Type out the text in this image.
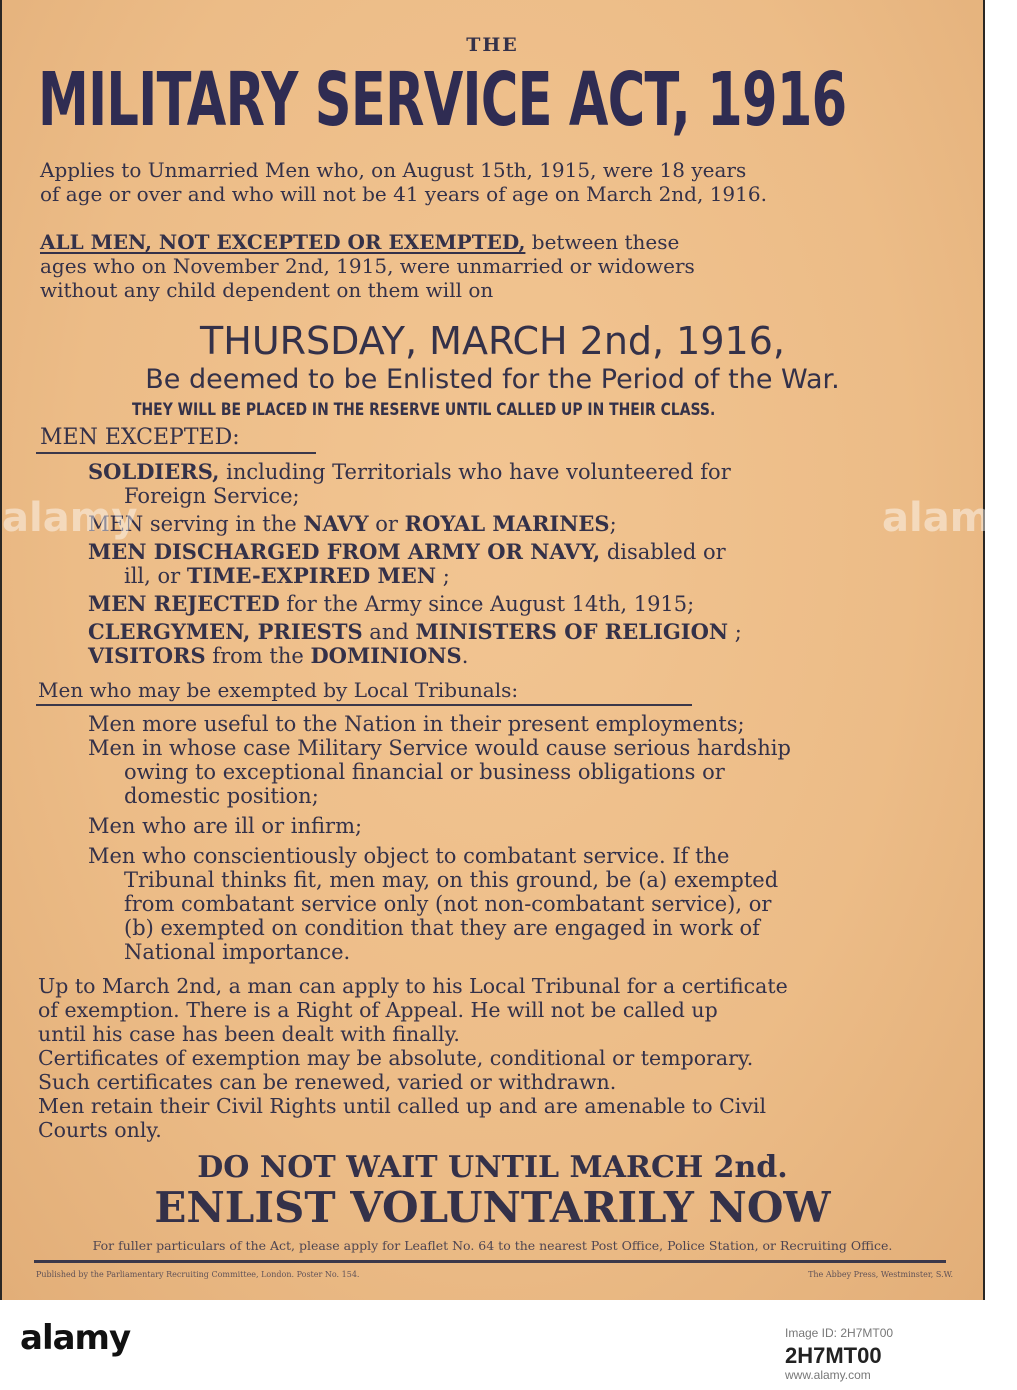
THE
MILITARY SERVICE ACT, 1916
Applies to Unmarried Men who, on August 15th, 1915, were 18 years
of age or over and who will not be 41 years of age on March 2nd, 1916.
ALL MEN, NOT EXCEPTED OR EXEMPTED, between these
ages who on November 2nd, 1915, were unmarried or widowers
without any child dependent on them will on
THURSDAY, MARCH 2nd, 1916,
Be deemed to be Enlisted for the Period of the War.
THEY WILL BE PLACED IN THE RESERVE UNTIL CALLED UP IN THEIR CLASS.
MEN EXCEPTED:
SOLDIERS, including Territorials who have volunteered for
Foreign Service;
MEN serving in the NAVY or ROYAL MARINES;
MEN DISCHARGED FROM ARMY OR NAVY, disabled or
ill, or TIME-EXPIRED MEN ;
MEN REJECTED for the Army since August 14th, 1915;
CLERGYMEN, PRIESTS and MINISTERS OF RELIGION ;
VISITORS from the DOMINIONS.
Men who may be exempted by Local Tribunals:
Men more useful to the Nation in their present employments;
Men in whose case Military Service would cause serious hardship
owing to exceptional financial or business obligations or
domestic position;
Men who are ill or infirm;
Men who conscientiously object to combatant service. If the
Tribunal thinks fit, men may, on this ground, be (a) exempted
from combatant service only (not non-combatant service), or
(b) exempted on condition that they are engaged in work of
National importance.
Up to March 2nd, a man can apply to his Local Tribunal for a certificate
of exemption. There is a Right of Appeal. He will not be called up
until his case has been dealt with finally.
Certificates of exemption may be absolute, conditional or temporary.
Such certificates can be renewed, varied or withdrawn.
Men retain their Civil Rights until called up and are amenable to Civil
Courts only.
DO NOT WAIT UNTIL MARCH 2nd.
ENLIST VOLUNTARILY NOW
For fuller particulars of the Act, please apply for Leaflet No. 64 to the nearest Post Office, Police Station, or Recruiting Office.
Published by the Parliamentary Recruiting Committee, London. Poster No. 154.	The Abbey Press, Westminster, S.W.
alamy	alamy
alamy	Image ID: 2H7MT00
2H7MT00
www.alamy.com
